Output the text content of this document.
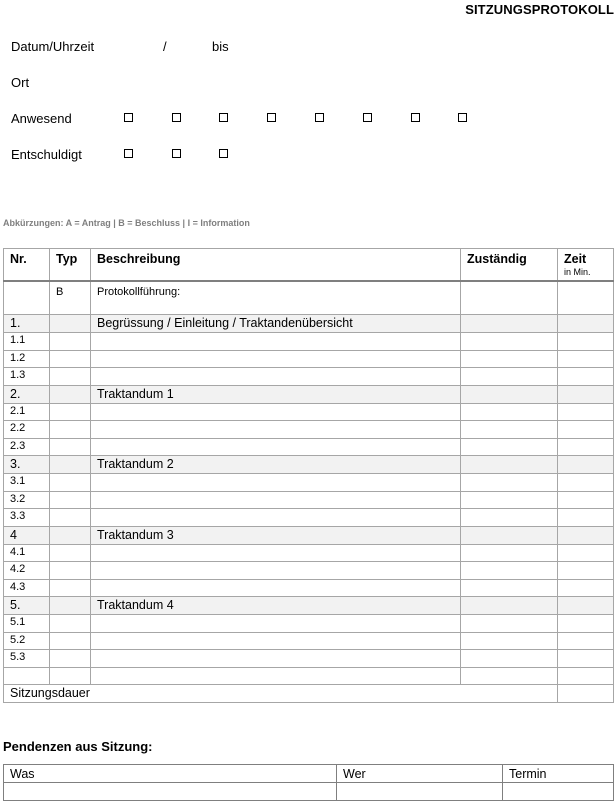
SITZUNGSPROTOKOLL
Datum/Uhrzeit	/	bis
Ort
Anwesend
Entschuldigt
Abkürzungen: A = Antrag | B = Beschluss | I = Information
Nr.	Typ	Beschreibung	Zuständig	Zeit
in Min.

	B	Protokollführung:		
1.		Begrüssung / Einleitung / Traktandenübersicht		
1.1				
1.2				
1.3				
2.		Traktandum 1		
2.1				
2.2				
2.3				
3.		Traktandum 2		
3.1				
3.2				
3.3				
4		Traktandum 3		
4.1				
4.2				
4.3				
5.		Traktandum 4		
5.1				
5.2				
5.3				

Sitzungsdauer				
Pendenzen aus Sitzung:
Was	Wer	Termin
